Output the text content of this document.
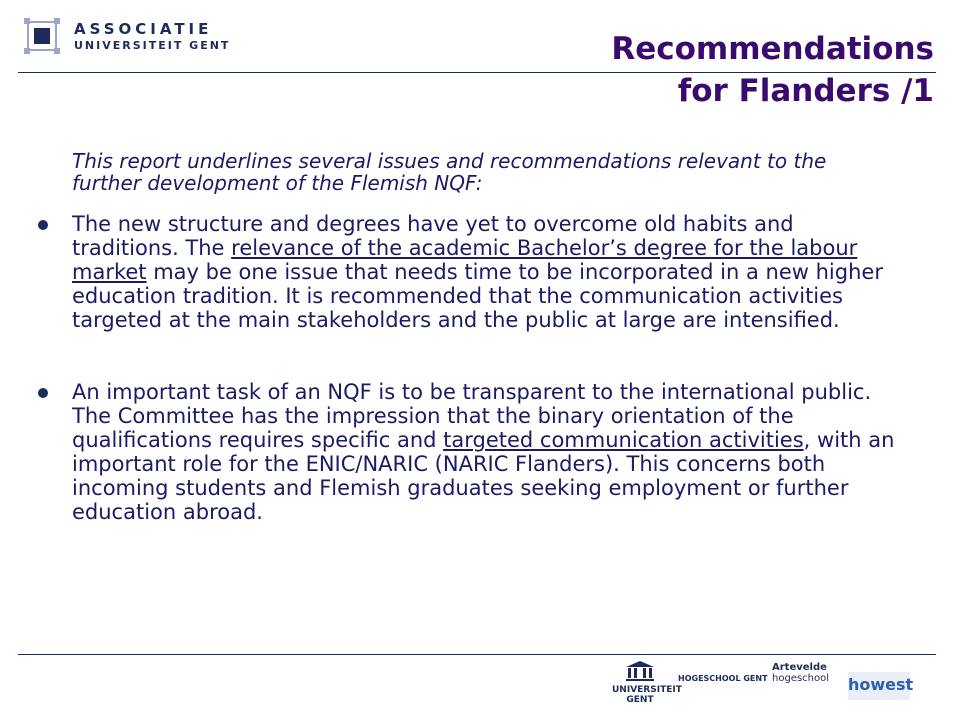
ASSOCIATIE
UNIVERSITEIT GENT	Recommendations
for Flanders /1
This report underlines several issues and recommendations relevant to the further development of the Flemish NQF:
The new structure and degrees have yet to overcome old habits and traditions. The relevance of the academic Bachelor’s degree for the labour market may be one issue that needs time to be incorporated in a new higher education tradition. It is recommended that the communication activities targeted at the main stakeholders and the public at large are intensified.
An important task of an NQF is to be transparent to the international public. The Committee has the impression that the binary orientation of the qualifications requires specific and targeted communication activities, with an important role for the ENIC/NARIC (NARIC Flanders). This concerns both incoming students and Flemish graduates seeking employment or further education abroad.
UNIVERSITEIT
GENT
HOGESCHOOL GENT
Artevelde
hogeschool	howest
